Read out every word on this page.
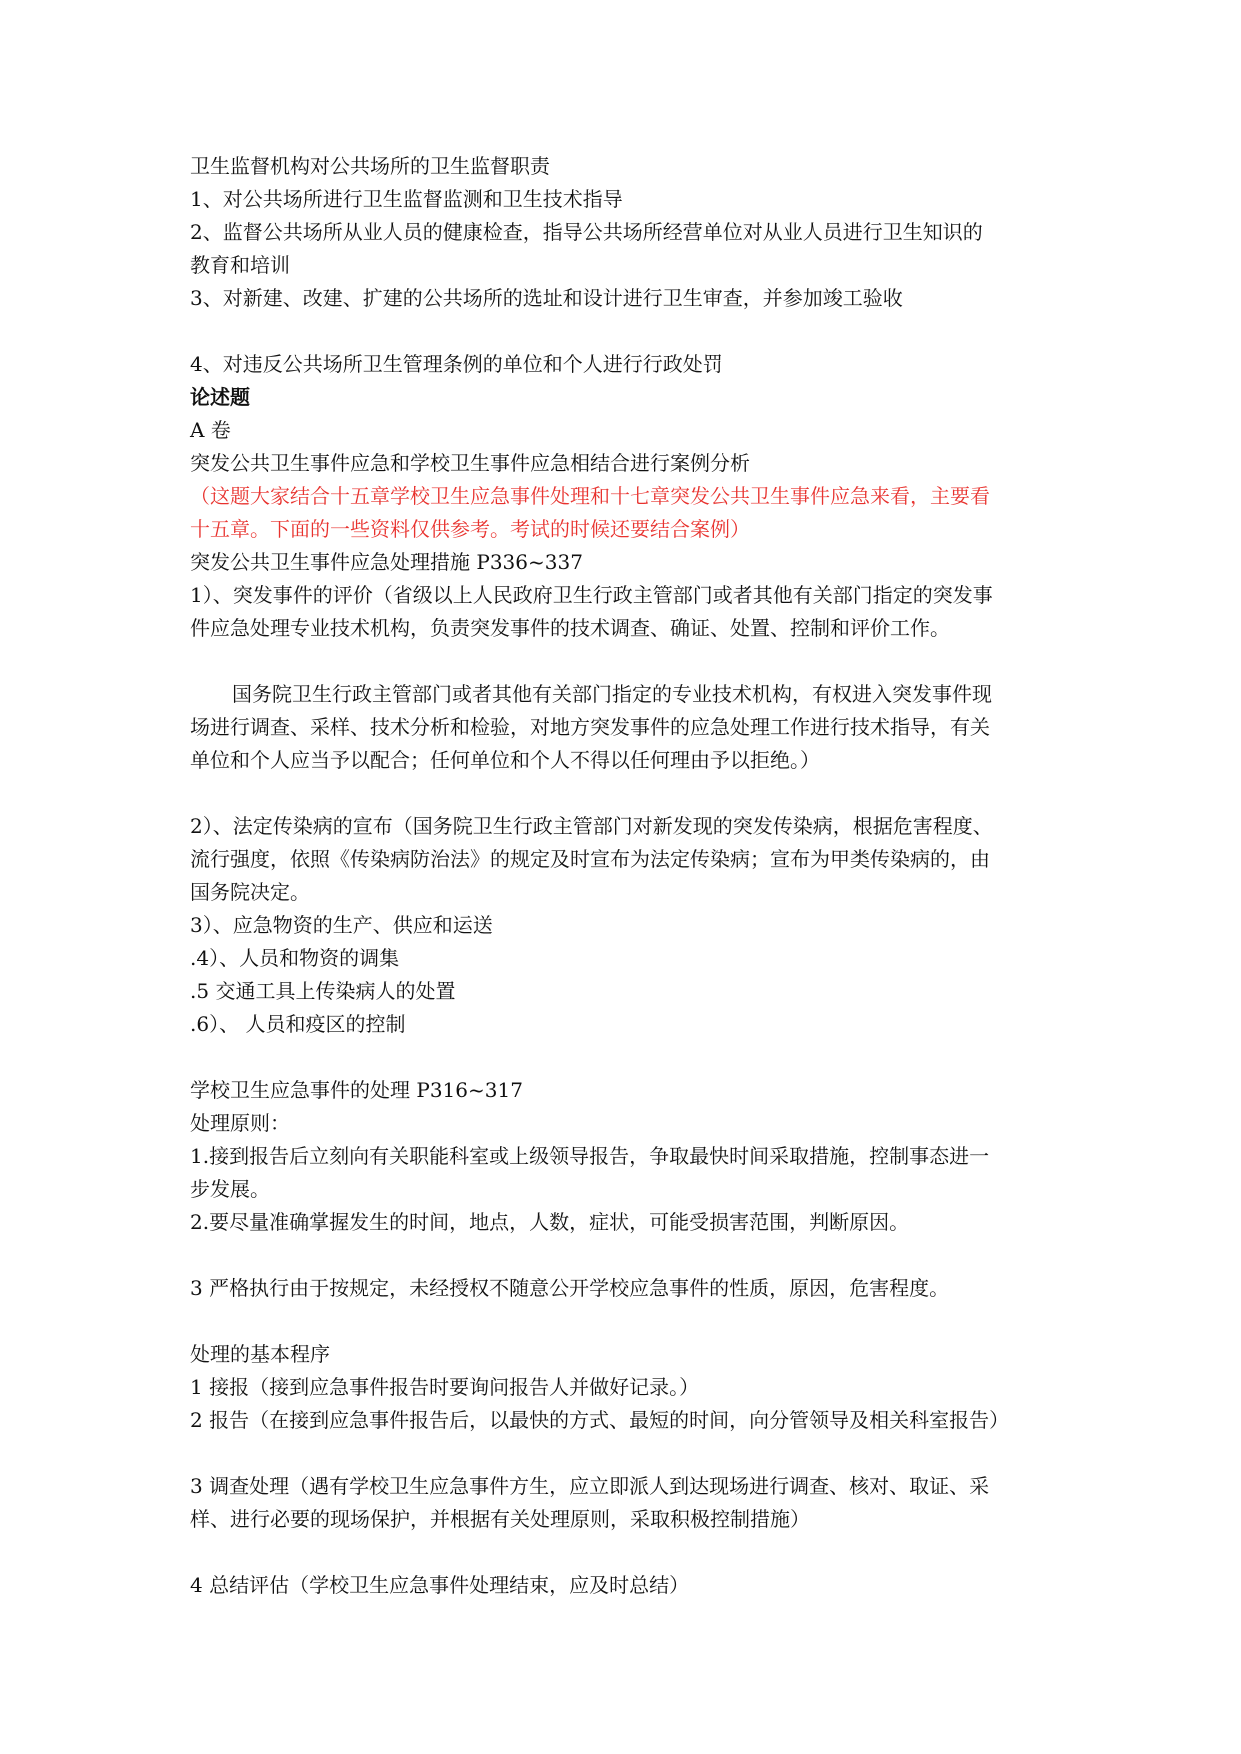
卫生监督机构对公共场所的卫生监督职责

1、对公共场所进行卫生监督监测和卫生技术指导

2、监督公共场所从业人员的健康检查，指导公共场所经营单位对从业人员进行卫生知识的

教育和培训

3、对新建、改建、扩建的公共场所的选址和设计进行卫生审查，并参加竣工验收

4、对违反公共场所卫生管理条例的单位和个人进行行政处罚

论述题

A 卷

突发公共卫生事件应急和学校卫生事件应急相结合进行案例分析

（这题大家结合十五章学校卫生应急事件处理和十七章突发公共卫生事件应急来看，主要看

十五章。下面的一些资料仅供参考。考试的时候还要结合案例）

突发公共卫生事件应急处理措施 P336~337

1）、突发事件的评价（省级以上人民政府卫生行政主管部门或者其他有关部门指定的突发事

件应急处理专业技术机构，负责突发事件的技术调查、确证、处置、控制和评价工作。

国务院卫生行政主管部门或者其他有关部门指定的专业技术机构，有权进入突发事件现

场进行调查、采样、技术分析和检验，对地方突发事件的应急处理工作进行技术指导，有关

单位和个人应当予以配合；任何单位和个人不得以任何理由予以拒绝。）

2）、法定传染病的宣布（国务院卫生行政主管部门对新发现的突发传染病，根据危害程度、

流行强度，依照《传染病防治法》的规定及时宣布为法定传染病；宣布为甲类传染病的，由

国务院决定。

3）、应急物资的生产、供应和运送

.4）、人员和物资的调集

.5 交通工具上传染病人的处置

.6）、 人员和疫区的控制

学校卫生应急事件的处理 P316~317

处理原则：

1.接到报告后立刻向有关职能科室或上级领导报告，争取最快时间采取措施，控制事态进一

步发展。

2.要尽量准确掌握发生的时间，地点，人数，症状，可能受损害范围，判断原因。

3 严格执行由于按规定，未经授权不随意公开学校应急事件的性质，原因，危害程度。

处理的基本程序

1 接报（接到应急事件报告时要询问报告人并做好记录。）

2 报告（在接到应急事件报告后，以最快的方式、最短的时间，向分管领导及相关科室报告）

3 调查处理（遇有学校卫生应急事件方生，应立即派人到达现场进行调查、核对、取证、采

样、进行必要的现场保护，并根据有关处理原则，采取积极控制措施）

4 总结评估（学校卫生应急事件处理结束，应及时总结）
